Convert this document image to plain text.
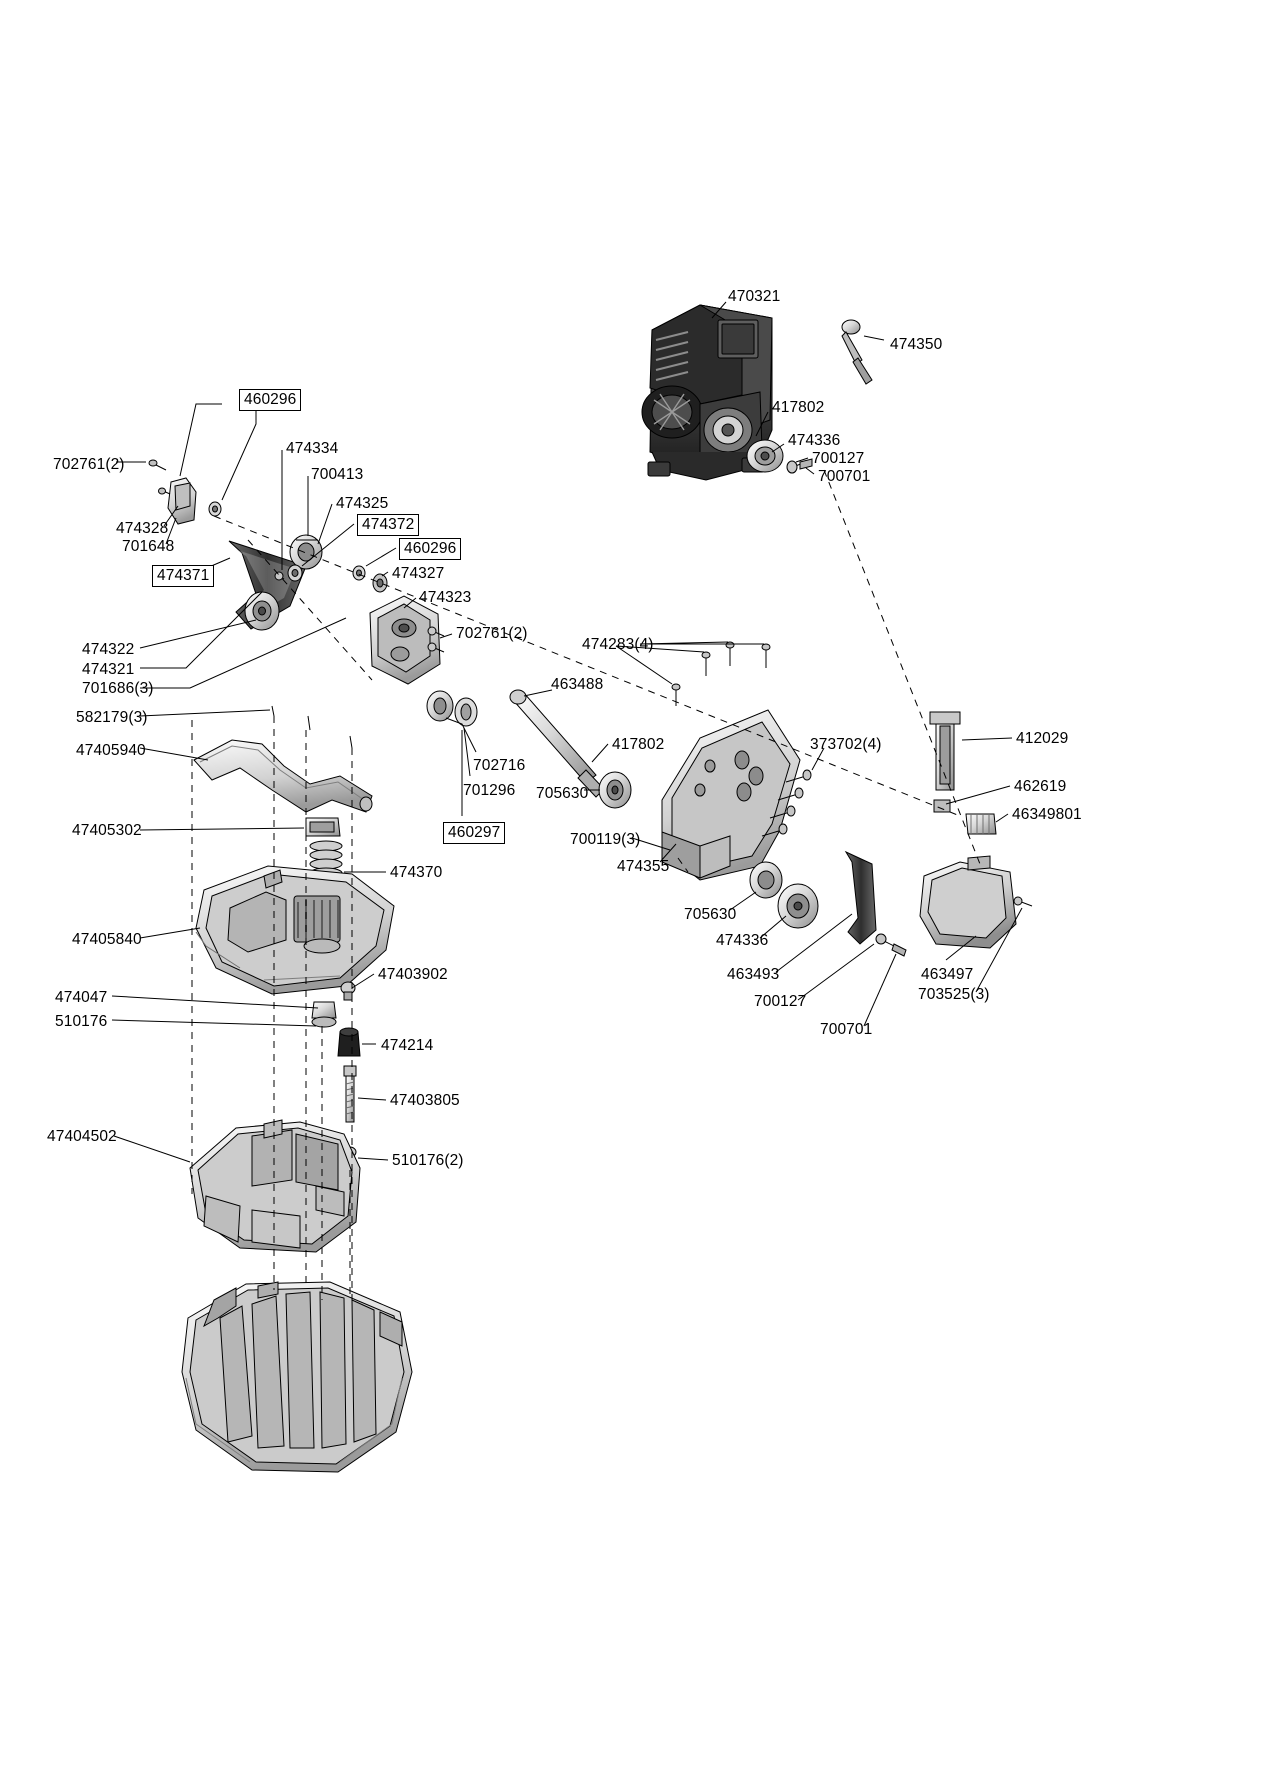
470321
474350
417802
474336
700127
700701
460296
474334
700413
702761(2)
474325
474328
701648
474372
460296
474371	474327
474323
702761(2)
474283(4)
463488
474322
474321
701686(3)
582179(3)
47405940	417802	373702(4)	412029
462619
46349801
702716
701296 705630
47405302	460297
474370
700119(3)
474355
705630
474336
463493
700127
700701
463497
703525(3)
47405840
474047
510176
47403902
474214
47403805
510176(2)
47404502
